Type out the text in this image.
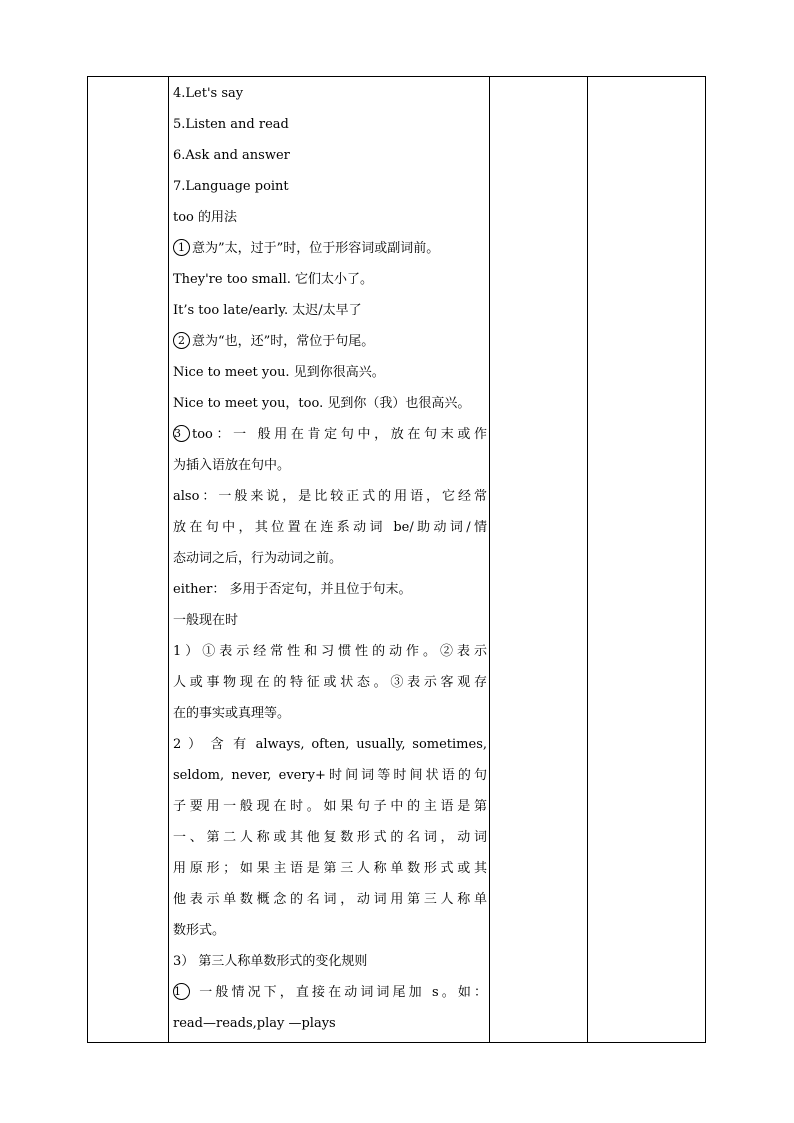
4.Let's say
5.Listen and read
6.Ask and answer
7.Language point
too 的用法
1 意为”太，过于”时，位于形容词或副词前。
They're too small. 它们太小了。
It’s too late/early. 太迟/太早了
2 意为“也，还”时，常位于句尾。
Nice to meet you. 见到你很高兴。
Nice to meet you，too. 见到你（我）也很高兴。
3 too：一 般用在肯定句中，放在句末或作
为插入语放在句中。
also：一般来说，是比较正式的用语，它经常
放在句中，其位置在连系动词 be/助动词/情
态动词之后，行为动词之前。
either： 多用于否定句，并且位于句末。
一般现在时
1）①表示经常性和习惯性的动作。②表示
人或事物现在的特征或状态。③表示客观存
在的事实或真理等。
2 ） 含 有 always, often, usually, sometimes,
seldom, never, every+时间词等时间状语的句
子要用一般现在时。如果句子中的主语是第
一、第二人称或其他复数形式的名词，动词
用原形；如果主语是第三人称单数形式或其
他表示单数概念的名词，动词用第三人称单
数形式。
3） 第三人称单数形式的变化规则
1 一般情况下，直接在动词词尾加 s。如：
read—reads,play —plays
